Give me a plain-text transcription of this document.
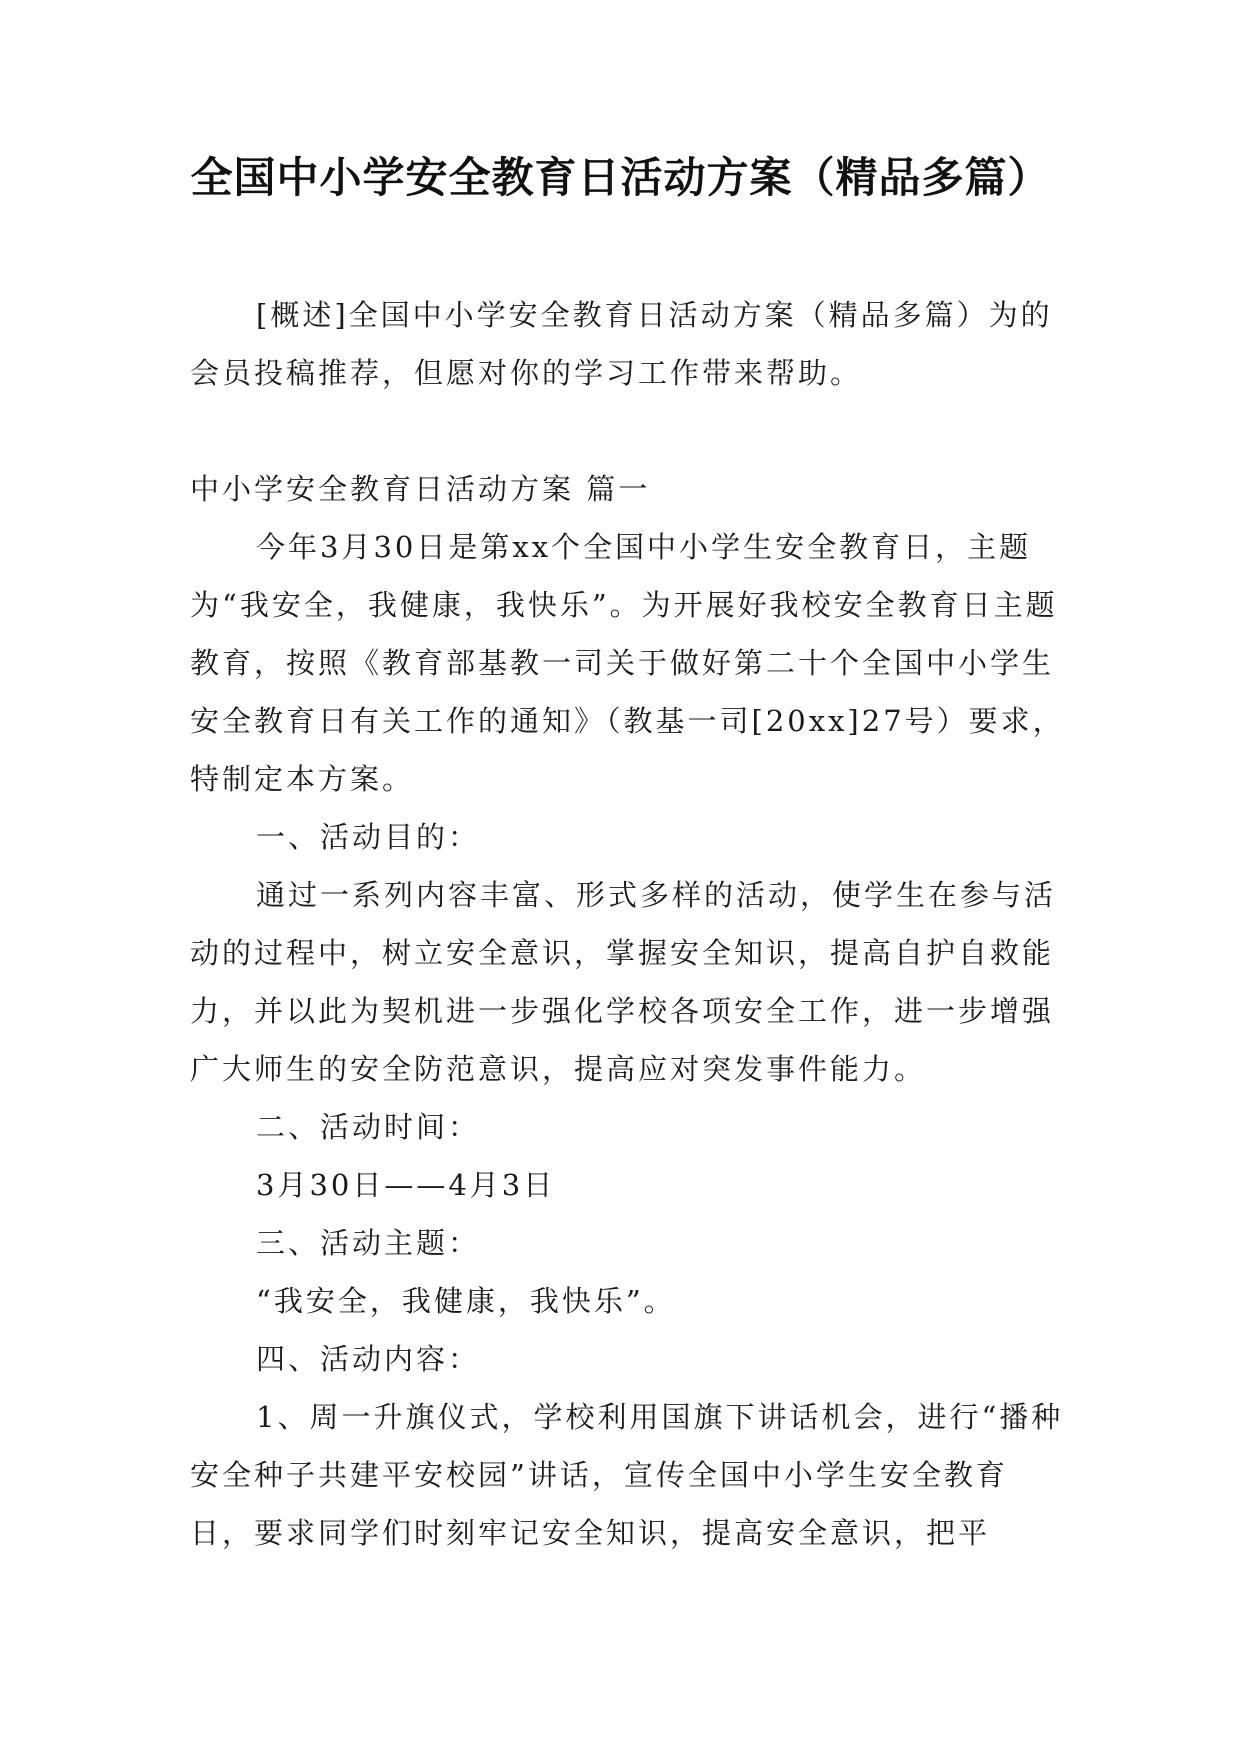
全国中小学安全教育日活动方案（精品多篇）

[概述]全国中小学安全教育日活动方案（精品多篇）为的会员投稿推荐，但愿对你的学习工作带来帮助。

中小学安全教育日活动方案 篇一

今年3月30日是第xx个全国中小学生安全教育日，主题为“我安全，我健康，我快乐”。为开展好我校安全教育日主题教育，按照《教育部基教一司关于做好第二十个全国中小学生安全教育日有关工作的通知》（教基一司[20xx]27号）要求，特制定本方案。

一、活动目的：

通过一系列内容丰富、形式多样的活动，使学生在参与活动的过程中，树立安全意识，掌握安全知识，提高自护自救能力，并以此为契机进一步强化学校各项安全工作，进一步增强广大师生的安全防范意识，提高应对突发事件能力。

二、活动时间：

3月30日——4月3日

三、活动主题：

“我安全，我健康，我快乐”。

四、活动内容：

1、周一升旗仪式，学校利用国旗下讲话机会，进行“播种安全种子共建平安校园”讲话，宣传全国中小学生安全教育日，要求同学们时刻牢记安全知识，提高安全意识，把平
